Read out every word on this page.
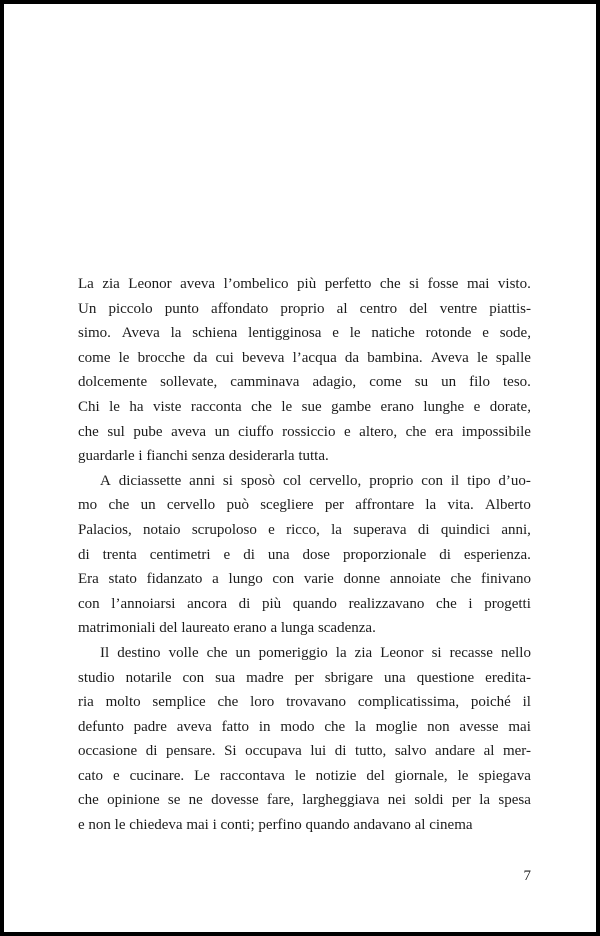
La zia Leonor aveva l’ombelico più perfetto che si fosse mai visto.
Un piccolo punto affondato proprio al centro del ventre piattis-
simo. Aveva la schiena lentigginosa e le natiche rotonde e sode,
come le brocche da cui beveva l’acqua da bambina. Aveva le spalle
dolcemente sollevate, camminava adagio, come su un filo teso.
Chi le ha viste racconta che le sue gambe erano lunghe e dorate,
che sul pube aveva un ciuffo rossiccio e altero, che era impossibile
guardarle i fianchi senza desiderarla tutta.
A diciassette anni si sposò col cervello, proprio con il tipo d’uo-
mo che un cervello può scegliere per affrontare la vita. Alberto
Palacios, notaio scrupoloso e ricco, la superava di quindici anni,
di trenta centimetri e di una dose proporzionale di esperienza.
Era stato fidanzato a lungo con varie donne annoiate che finivano
con l’annoiarsi ancora di più quando realizzavano che i progetti
matrimoniali del laureato erano a lunga scadenza.
Il destino volle che un pomeriggio la zia Leonor si recasse nello
studio notarile con sua madre per sbrigare una questione eredita-
ria molto semplice che loro trovavano complicatissima, poiché il
defunto padre aveva fatto in modo che la moglie non avesse mai
occasione di pensare. Si occupava lui di tutto, salvo andare al mer-
cato e cucinare. Le raccontava le notizie del giornale, le spiegava
che opinione se ne dovesse fare, largheggiava nei soldi per la spesa
e non le chiedeva mai i conti; perfino quando andavano al cinema
7
